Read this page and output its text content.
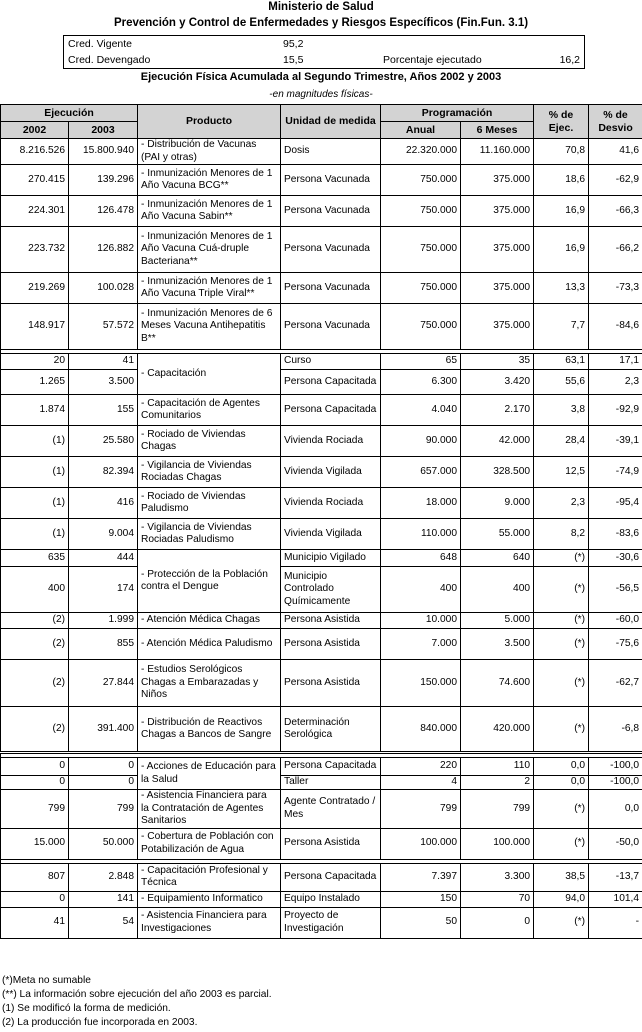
Ministerio de Salud
Prevención y Control de Enfermedades y Riesgos Específicos (Fin.Fun. 3.1)
Cred. Vigente	95,2
Cred. Devengado	15,5	Porcentaje ejecutado	16,2
Ejecución Física Acumulada al Segundo Trimestre, Años 2002 y 2003
-en magnitudes físicas-
Ejecución		Producto	Unidad de medida	Programación		% de Ejec.	% de Desvio
2002	2003			Anual	6 Meses		
8.216.526	15.800.940	- Distribución de Vacunas (PAI y otras)	Dosis	22.320.000	11.160.000	70,8	41,6
270.415	139.296	- Inmunización Menores de 1 Año Vacuna BCG**	Persona Vacunada	750.000	375.000	18,6	-62,9
224.301	126.478	- Inmunización Menores de 1 Año Vacuna Sabin**	Persona Vacunada	750.000	375.000	16,9	-66,3
223.732	126.882	- Inmunización Menores de 1 Año Vacuna Cuá-druple Bacteriana**	Persona Vacunada	750.000	375.000	16,9	-66,2
219.269	100.028	- Inmunización Menores de 1 Año Vacuna Triple Viral**	Persona Vacunada	750.000	375.000	13,3	-73,3
148.917	57.572	- Inmunización Menores de 6 Meses Vacuna Antihepatitis B**	Persona Vacunada	750.000	375.000	7,7	-84,6

20	41	- Capacitación	Curso	65	35	63,1	17,1
1.265	3.500		Persona Capacitada	6.300	3.420	55,6	2,3
1.874	155	- Capacitación de Agentes Comunitarios	Persona Capacitada	4.040	2.170	3,8	-92,9
(1)	25.580	- Rociado de Viviendas Chagas	Vivienda Rociada	90.000	42.000	28,4	-39,1
(1)	82.394	- Vigilancia de Viviendas Rociadas Chagas	Vivienda Vigilada	657.000	328.500	12,5	-74,9
(1)	416	- Rociado de Viviendas Paludismo	Vivienda Rociada	18.000	9.000	2,3	-95,4
(1)	9.004	- Vigilancia de Viviendas Rociadas Paludismo	Vivienda Vigilada	110.000	55.000	8,2	-83,6
635	444	- Protección de la Población contra el Dengue	Municipio Vigilado	648	640	(*)	-30,6
400	174		Municipio Controlado Químicamente	400	400	(*)	-56,5
(2)	1.999	- Atención Médica Chagas	Persona Asistida	10.000	5.000	(*)	-60,0
(2)	855	- Atención Médica Paludismo	Persona Asistida	7.000	3.500	(*)	-75,6
(2)	27.844	- Estudios Serológicos Chagas a Embarazadas y Niños	Persona Asistida	150.000	74.600	(*)	-62,7
(2)	391.400	- Distribución de Reactivos Chagas a Bancos de Sangre	Determinación Serológica	840.000	420.000	(*)	-6,8

0	0	- Acciones de Educación para la Salud	Persona Capacitada	220	110	0,0	-100,0
0	0		Taller	4	2	0,0	-100,0
799	799	- Asistencia Financiera para la Contratación de Agentes Sanitarios	Agente Contratado / Mes	799	799	(*)	0,0
15.000	50.000	- Cobertura de Población con Potabilización de Agua	Persona Asistida	100.000	100.000	(*)	-50,0

807	2.848	- Capacitación Profesional y Técnica	Persona Capacitada	7.397	3.300	38,5	-13,7
0	141	- Equipamiento Informatico	Equipo Instalado	150	70	94,0	101,4
41	54	- Asistencia Financiera para Investigaciones	Proyecto de Investigación	50	0	(*)	-
(*)Meta no sumable
(**) La información sobre ejecución del año 2003 es parcial.
(1) Se modificó la forma de medición.
(2) La producción fue incorporada en 2003.
